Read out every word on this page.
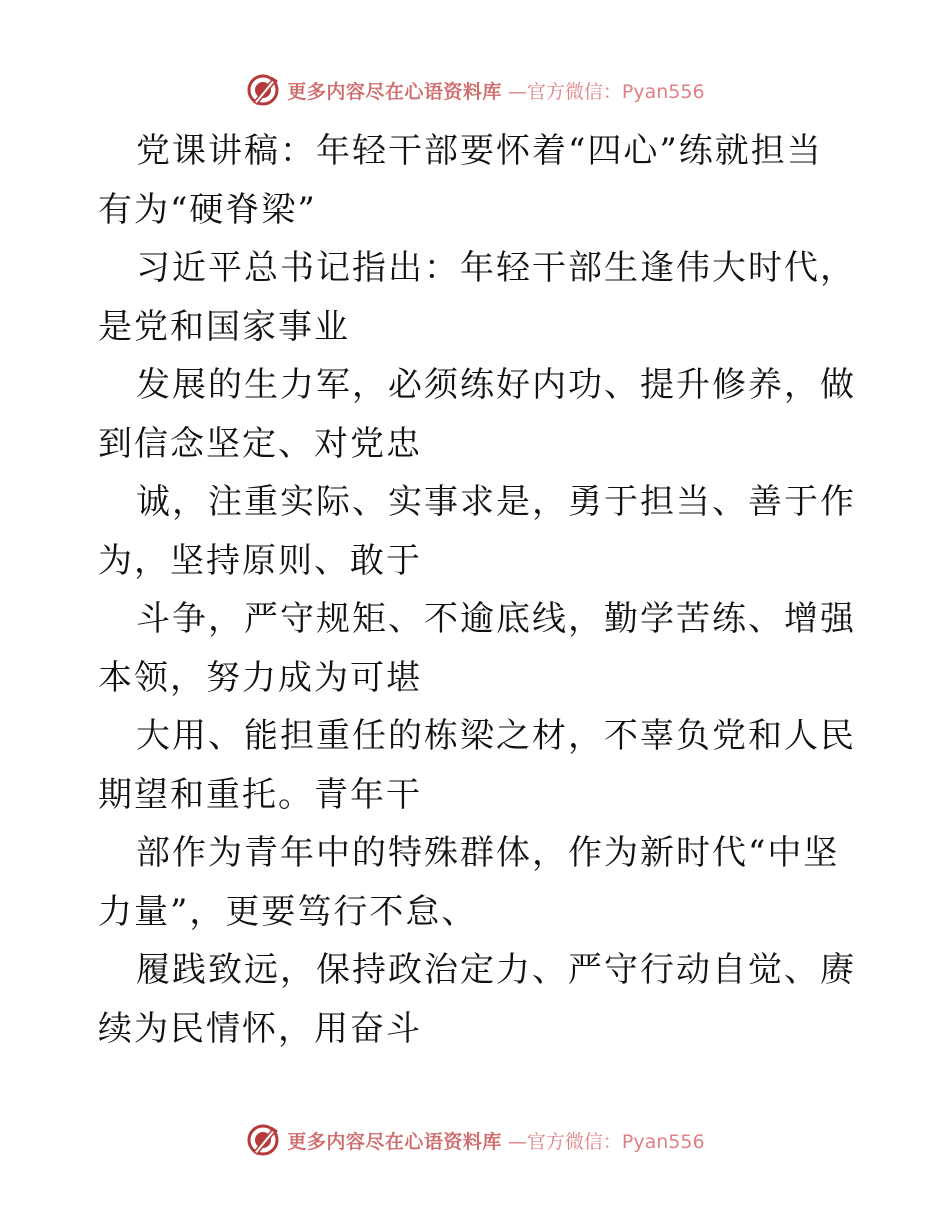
更多内容尽在心语资料库 —官方微信：Pyan556

党课讲稿：年轻干部要怀着“四心”练就担当有为“硬脊梁”

习近平总书记指出：年轻干部生逢伟大时代，是党和国家事业

发展的生力军，必须练好内功、提升修养，做到信念坚定、对党忠

诚，注重实际、实事求是，勇于担当、善于作为，坚持原则、敢于

斗争，严守规矩、不逾底线，勤学苦练、增强本领，努力成为可堪

大用、能担重任的栋梁之材，不辜负党和人民期望和重托。青年干

部作为青年中的特殊群体，作为新时代“中坚力量”，更要笃行不怠、

履践致远，保持政治定力、严守行动自觉、赓续为民情怀，用奋斗

更多内容尽在心语资料库 —官方微信：Pyan556
